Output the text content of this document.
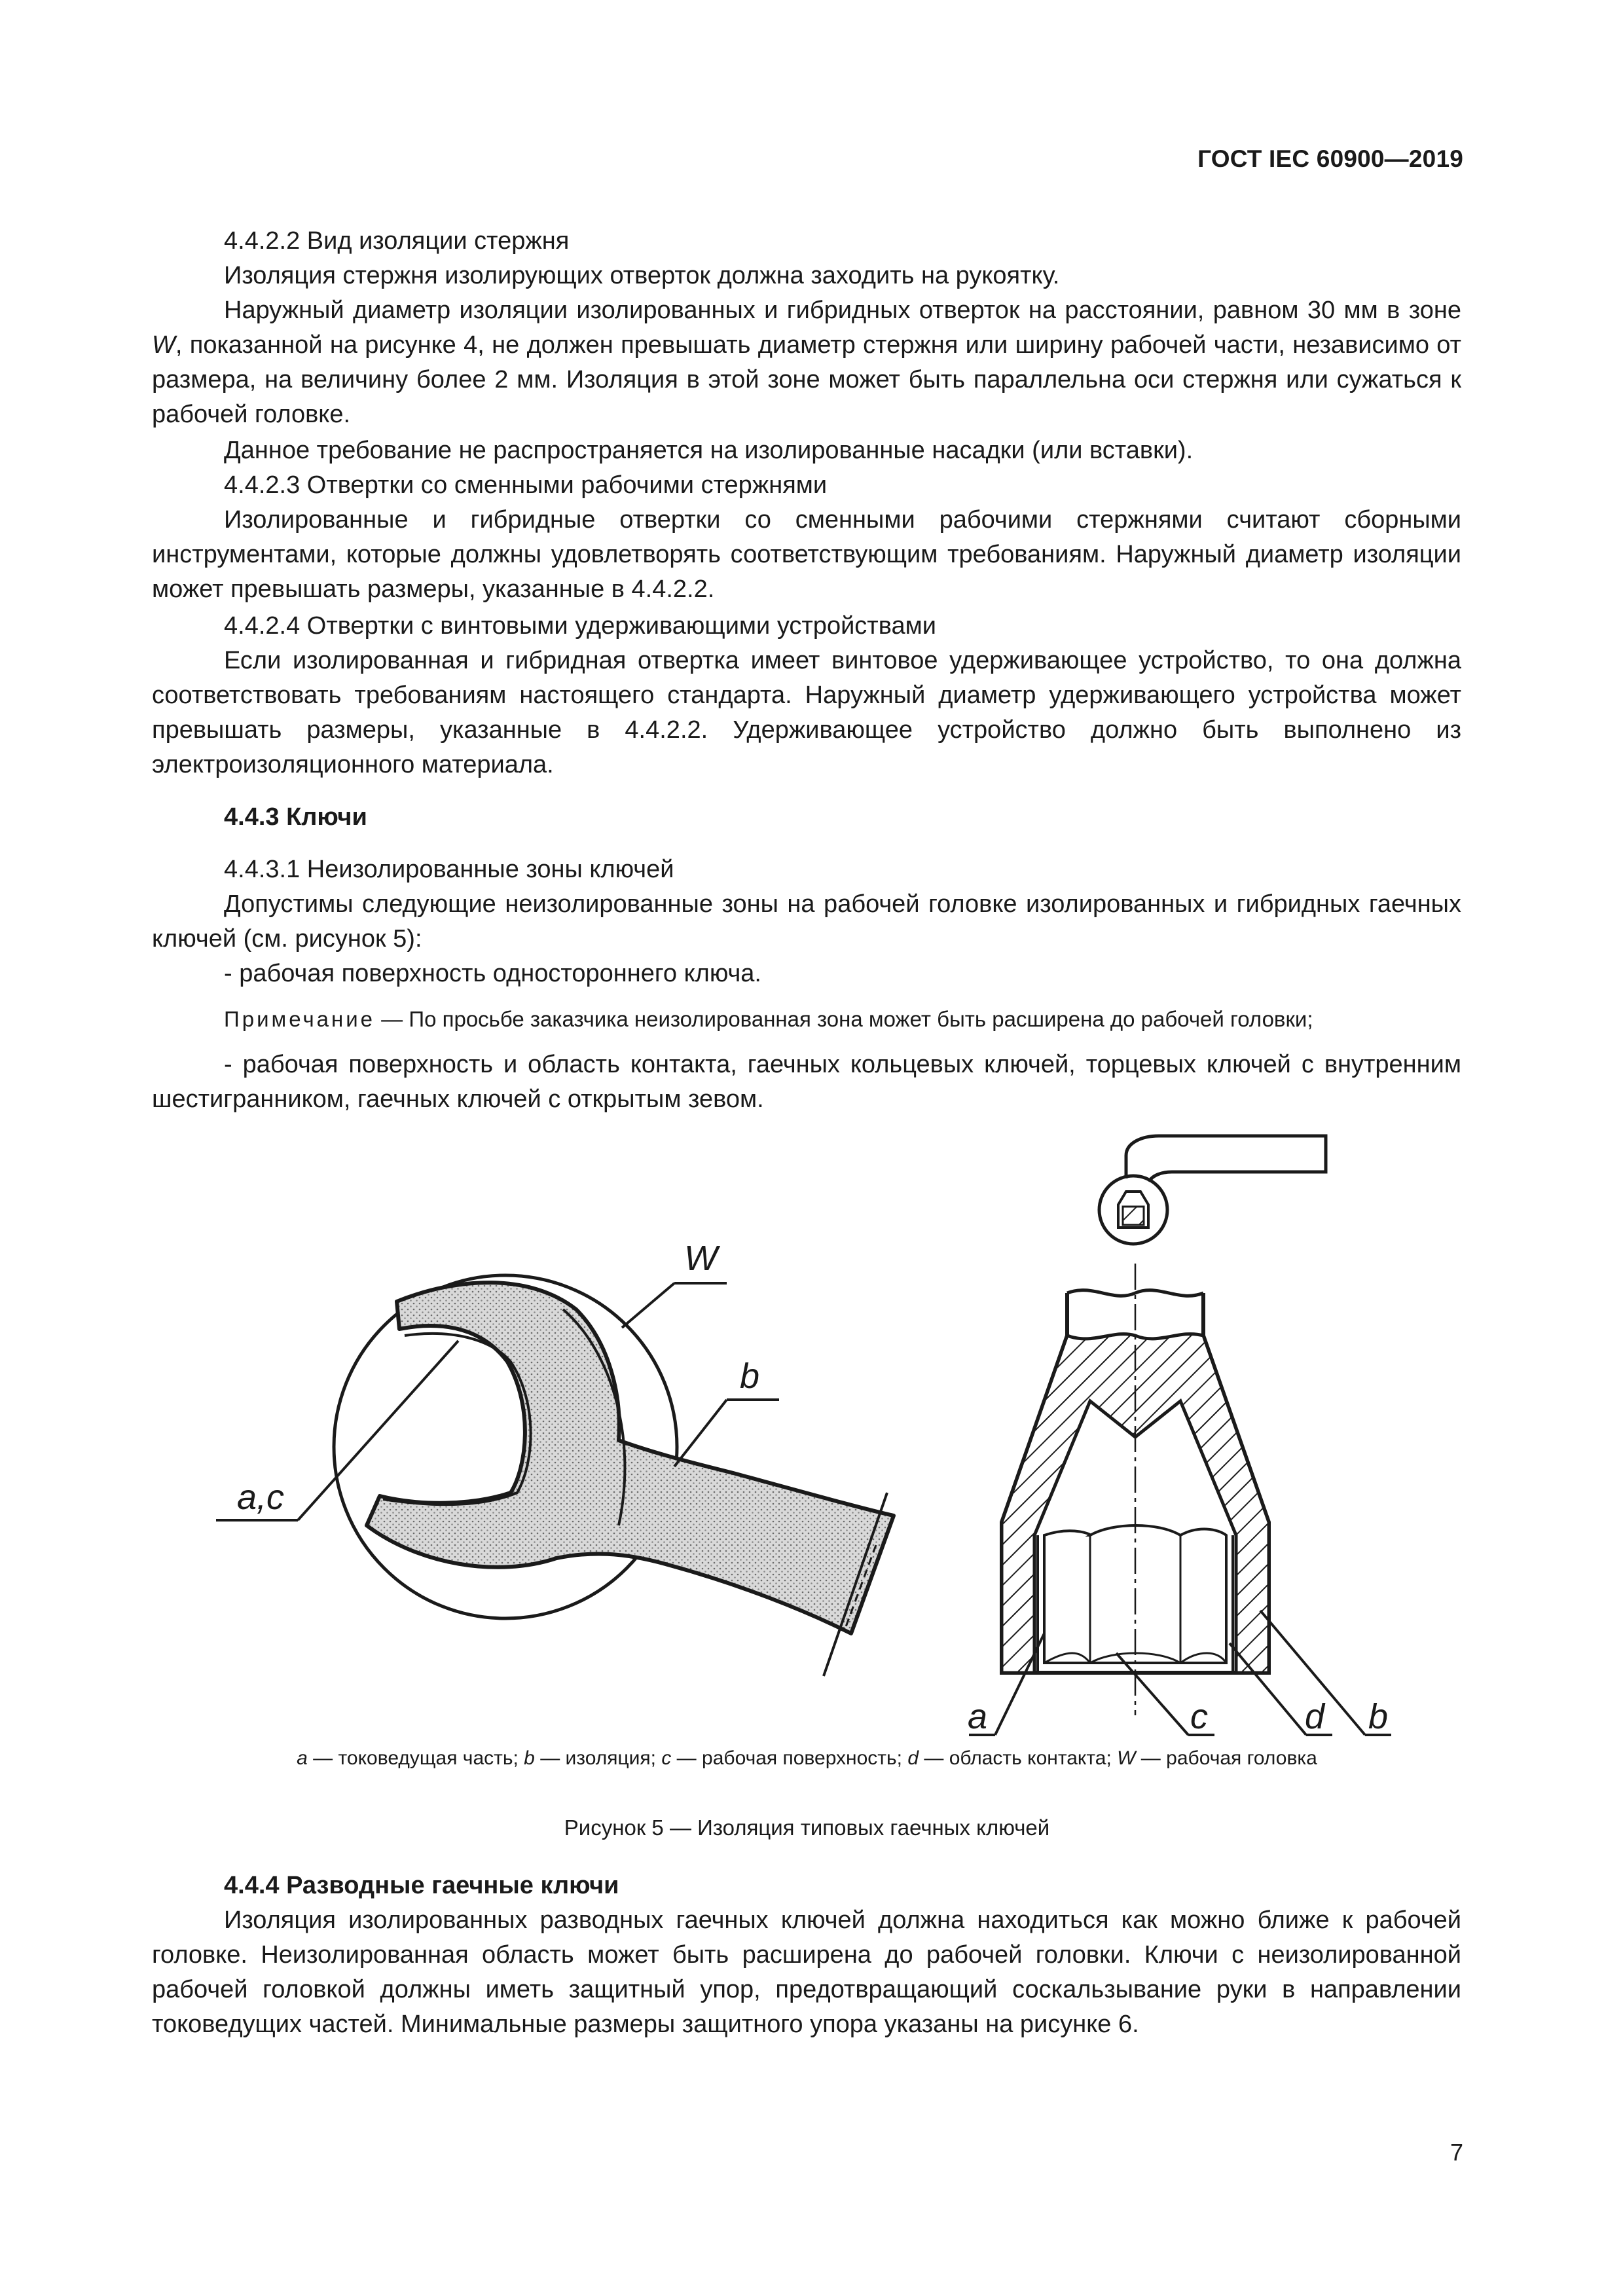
ГОСТ IEC 60900—2019

4.4.2.2 Вид изоляции стержня

Изоляция стержня изолирующих отверток должна заходить на рукоятку.

Наружный диаметр изоляции изолированных и гибридных отверток на расстоянии, равном 30 мм в зоне W, показанной на рисунке 4, не должен превышать диаметр стержня или ширину рабочей части, независимо от размера, на величину более 2 мм. Изоляция в этой зоне может быть параллельна оси стержня или сужаться к рабочей головке.

Данное требование не распространяется на изолированные насадки (или вставки).

4.4.2.3 Отвертки со сменными рабочими стержнями

Изолированные и гибридные отвертки со сменными рабочими стержнями считают сборными инструментами, которые должны удовлетворять соответствующим требованиям. Наружный диаметр изоляции может превышать размеры, указанные в 4.4.2.2.

4.4.2.4 Отвертки с винтовыми удерживающими устройствами

Если изолированная и гибридная отвертка имеет винтовое удерживающее устройство, то она должна соответствовать требованиям настоящего стандарта. Наружный диаметр удерживающего устройства может превышать размеры, указанные в 4.4.2.2. Удерживающее устройство должно быть выполнено из электроизоляционного материала.

4.4.3 Ключи

4.4.3.1 Неизолированные зоны ключей

Допустимы следующие неизолированные зоны на рабочей головке изолированных и гибридных гаечных ключей (см. рисунок 5):

- рабочая поверхность одностороннего ключа.

Примечание — По просьбе заказчика неизолированная зона может быть расширена до рабочей головки;

- рабочая поверхность и область контакта, гаечных кольцевых ключей, торцевых ключей с внутренним шестигранником, гаечных ключей с открытым зевом.

W
b
a,c
a	c	d b
a — токоведущая часть; b — изоляция; c — рабочая поверхность; d — область контакта; W — рабочая головка
Рисунок 5 — Изоляция типовых гаечных ключей

4.4.4 Разводные гаечные ключи

Изоляция изолированных разводных гаечных ключей должна находиться как можно ближе к рабочей головке. Неизолированная область может быть расширена до рабочей головки. Ключи с неизолированной рабочей головкой должны иметь защитный упор, предотвращающий соскальзывание руки в направлении токоведущих частей. Минимальные размеры защитного упора указаны на рисунке 6.

7
